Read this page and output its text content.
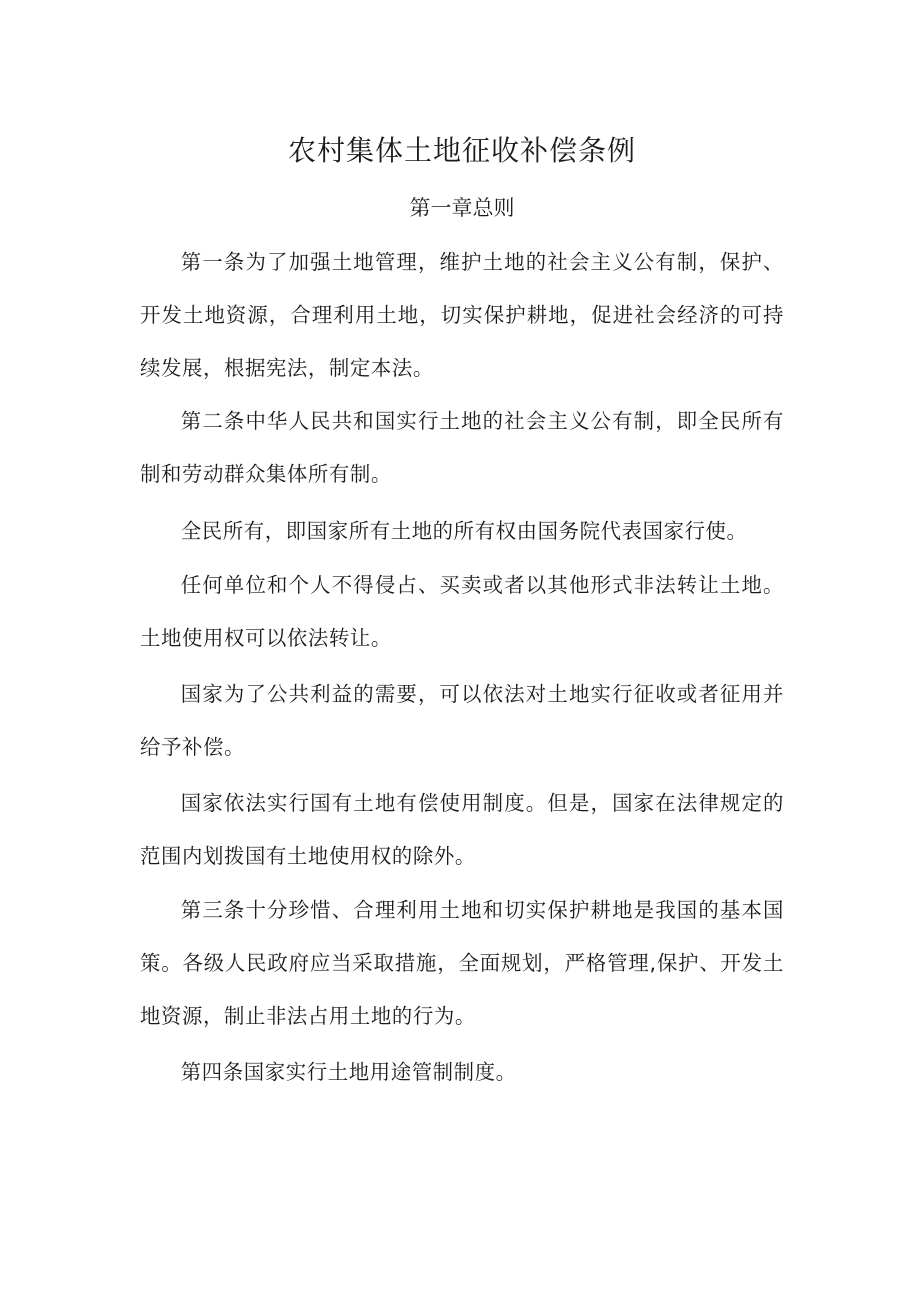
农村集体土地征收补偿条例
第一章总则

第一条为了加强土地管理，维护土地的社会主义公有制，保护、开发土地资源，合理利用土地，切实保护耕地，促进社会经济的可持续发展，根据宪法，制定本法。

第二条中华人民共和国实行土地的社会主义公有制，即全民所有制和劳动群众集体所有制。

全民所有，即国家所有土地的所有权由国务院代表国家行使。

任何单位和个人不得侵占、买卖或者以其他形式非法转让土地。土地使用权可以依法转让。

国家为了公共利益的需要，可以依法对土地实行征收或者征用并给予补偿。

国家依法实行国有土地有偿使用制度。但是，国家在法律规定的范围内划拨国有土地使用权的除外。

第三条十分珍惜、合理利用土地和切实保护耕地是我国的基本国策。各级人民政府应当采取措施，全面规划，严格管理,保护、开发土地资源，制止非法占用土地的行为。

第四条国家实行土地用途管制制度。
